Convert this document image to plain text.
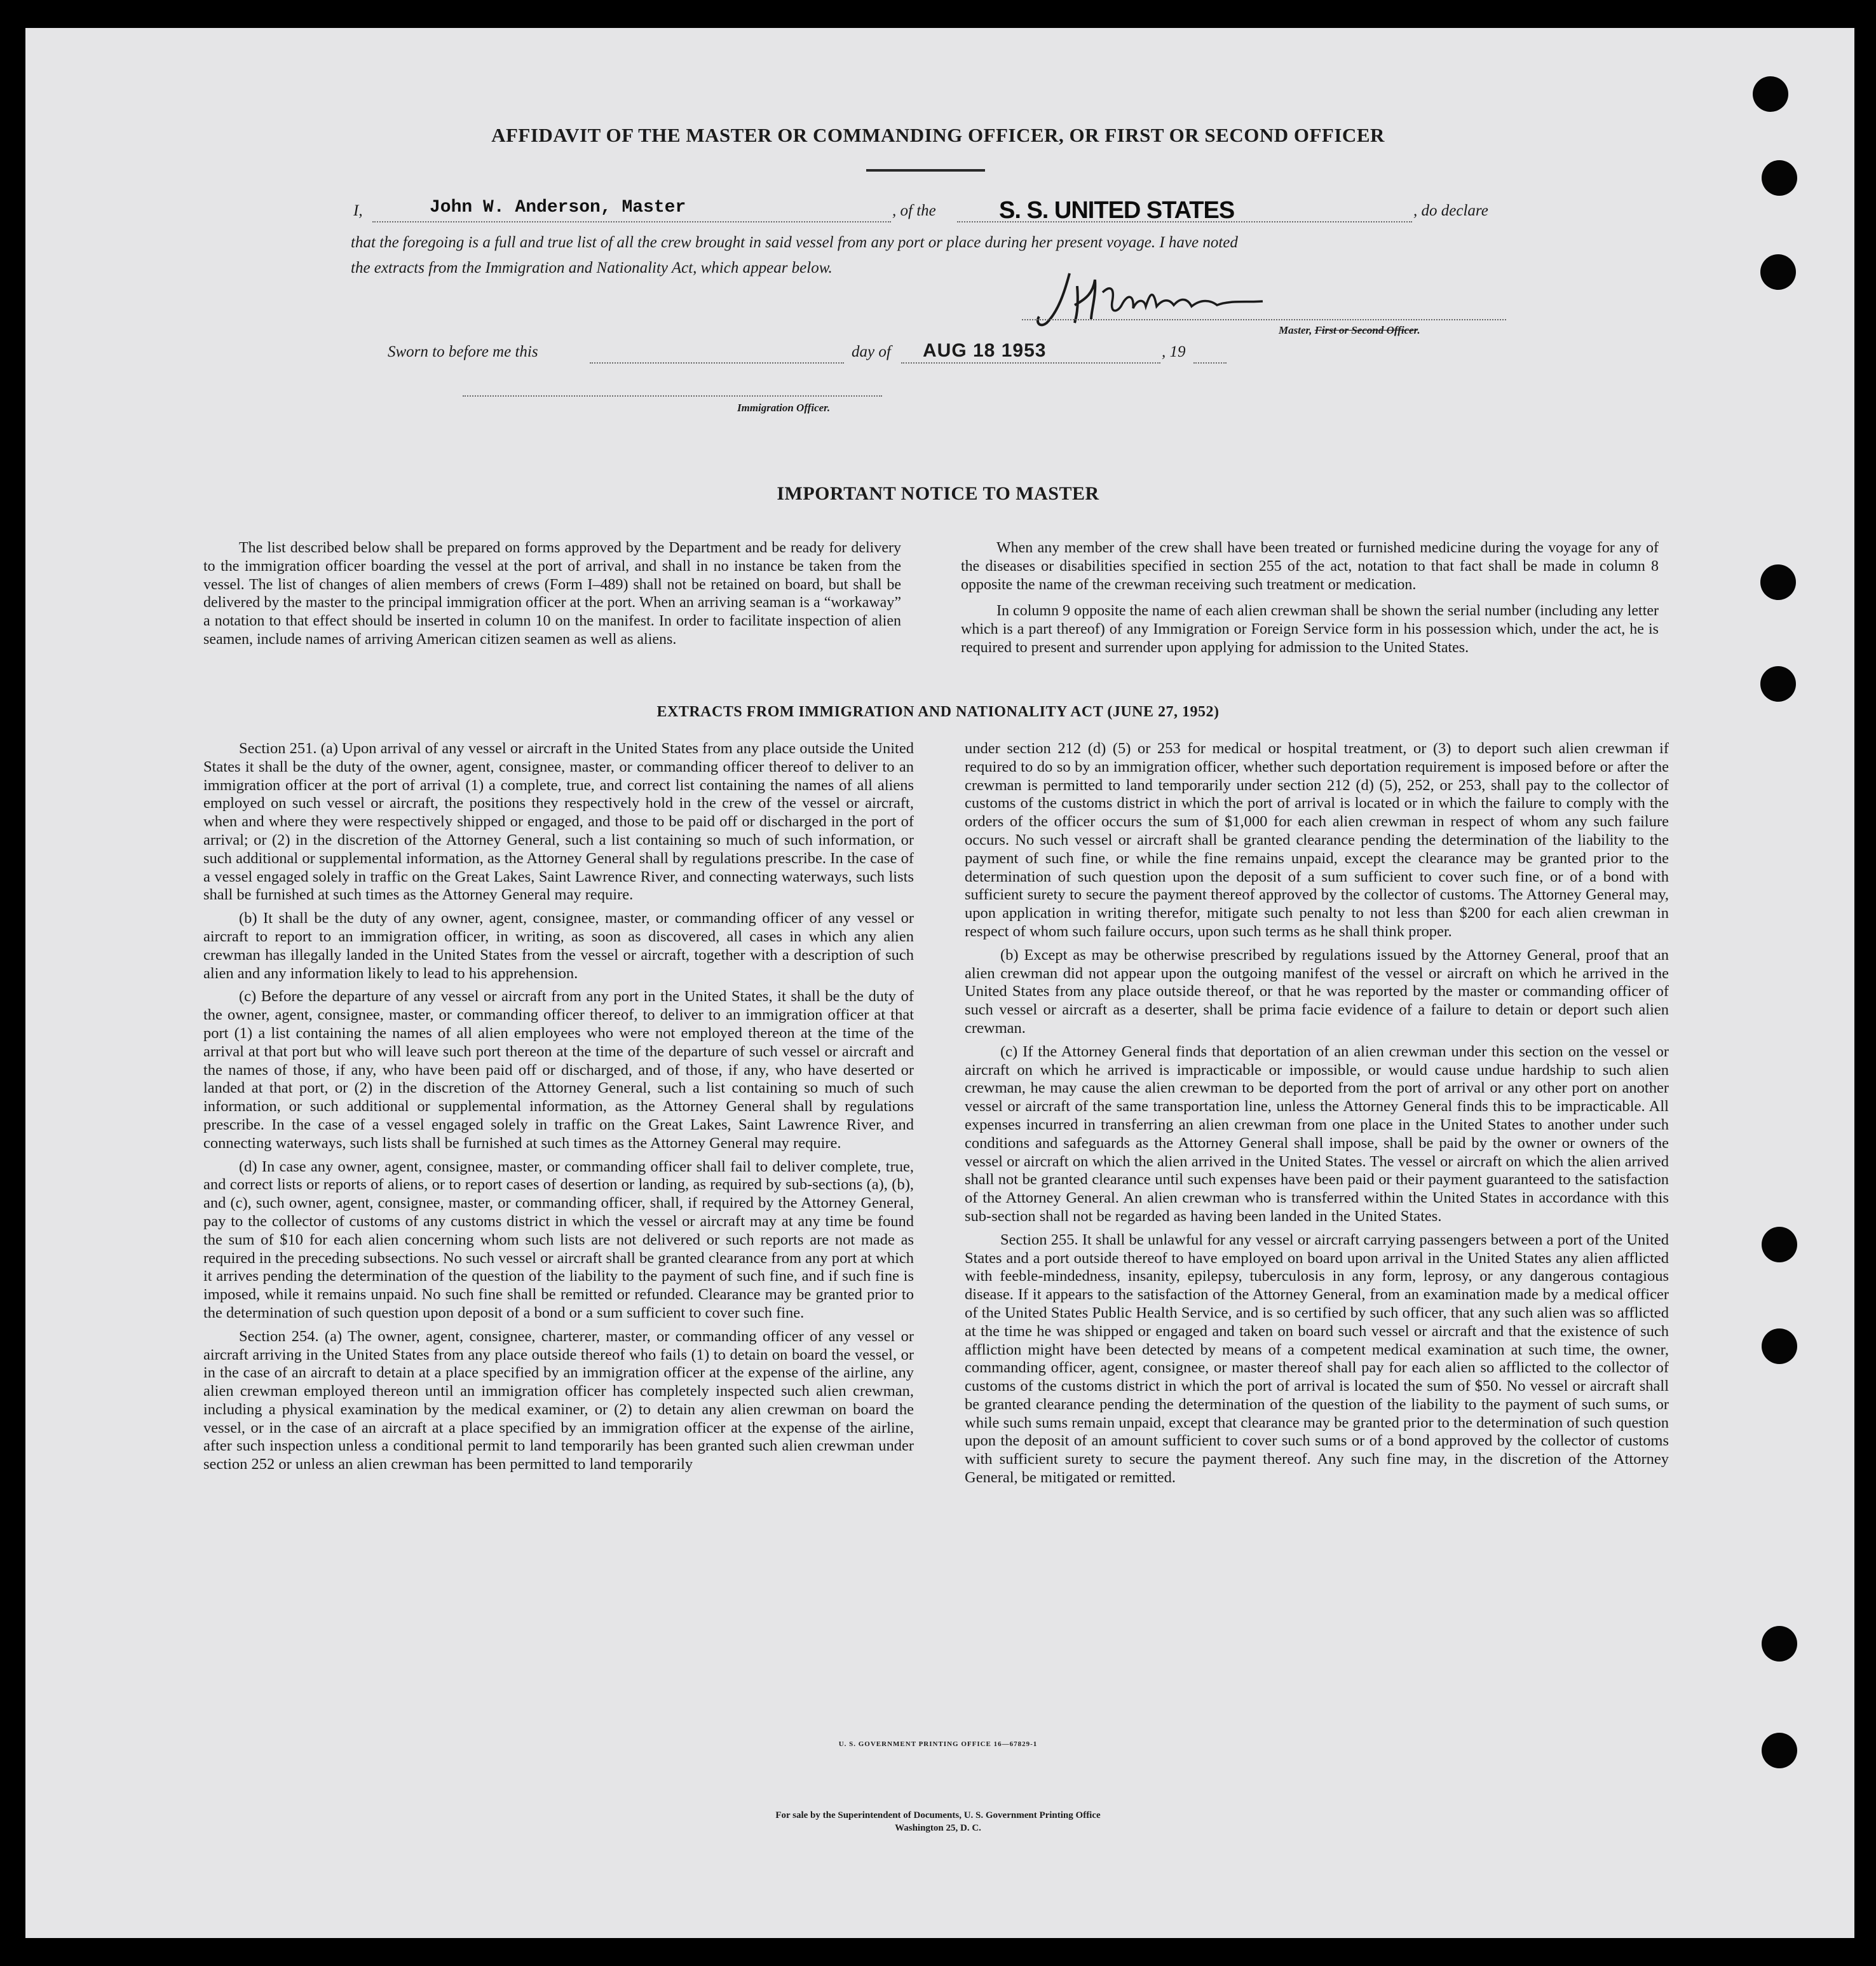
AFFIDAVIT OF THE MASTER OR COMMANDING OFFICER, OR FIRST OR SECOND OFFICER
I,	John W. Anderson, Master	, of the	S. S. UNITED STATES	, do declare
that the foregoing is a full and true list of all the crew brought in said vessel from any port or place during her present voyage. I have noted
the extracts from the Immigration and Nationality Act, which appear below.
Master, First or Second Officer.
Sworn to before me this	day of AUG 18 1953	, 19
Immigration Officer.
IMPORTANT NOTICE TO MASTER

The list described below shall be prepared on forms approved by the Department and be ready for delivery to the immigration officer boarding the vessel at the port of arrival, and shall in no instance be taken from the vessel. The list of changes of alien members of crews (Form I–489) shall not be retained on board, but shall be delivered by the master to the principal immigration officer at the port. When an arriving seaman is a “workaway” a notation to that effect should be inserted in column 10 on the manifest. In order to facilitate inspection of alien seamen, include names of arriving American citizen seamen as well as aliens.

When any member of the crew shall have been treated or furnished medicine during the voyage for any of the diseases or disabilities specified in section 255 of the act, notation to that fact shall be made in column 8 opposite the name of the crewman receiving such treatment or medication.

In column 9 opposite the name of each alien crewman shall be shown the serial number (including any letter which is a part thereof) of any Immigration or Foreign Service form in his possession which, under the act, he is required to present and surrender upon applying for admission to the United States.

EXTRACTS FROM IMMIGRATION AND NATIONALITY ACT (JUNE 27, 1952)

Section 251. (a) Upon arrival of any vessel or aircraft in the United States from any place outside the United States it shall be the duty of the owner, agent, consignee, master, or commanding officer thereof to deliver to an immigration officer at the port of arrival (1) a complete, true, and correct list containing the names of all aliens employed on such vessel or aircraft, the positions they respectively hold in the crew of the vessel or aircraft, when and where they were respectively shipped or engaged, and those to be paid off or discharged in the port of arrival; or (2) in the discretion of the Attorney General, such a list containing so much of such information, or such additional or supplemental information, as the Attorney General shall by regulations prescribe. In the case of a vessel engaged solely in traffic on the Great Lakes, Saint Lawrence River, and connecting waterways, such lists shall be furnished at such times as the Attorney General may require.

(b) It shall be the duty of any owner, agent, consignee, master, or commanding officer of any vessel or aircraft to report to an immigration officer, in writing, as soon as discovered, all cases in which any alien crewman has illegally landed in the United States from the vessel or aircraft, together with a description of such alien and any information likely to lead to his apprehension.

(c) Before the departure of any vessel or aircraft from any port in the United States, it shall be the duty of the owner, agent, consignee, master, or commanding officer thereof, to deliver to an immigration officer at that port (1) a list containing the names of all alien employees who were not employed thereon at the time of the arrival at that port but who will leave such port thereon at the time of the departure of such vessel or aircraft and the names of those, if any, who have been paid off or discharged, and of those, if any, who have deserted or landed at that port, or (2) in the discretion of the Attorney General, such a list containing so much of such information, or such additional or supplemental information, as the Attorney General shall by regulations prescribe. In the case of a vessel engaged solely in traffic on the Great Lakes, Saint Lawrence River, and connecting waterways, such lists shall be furnished at such times as the Attorney General may require.

(d) In case any owner, agent, consignee, master, or commanding officer shall fail to deliver complete, true, and correct lists or reports of aliens, or to report cases of desertion or landing, as required by sub-sections (a), (b), and (c), such owner, agent, consignee, master, or commanding officer, shall, if required by the Attorney General, pay to the collector of customs of any customs district in which the vessel or aircraft may at any time be found the sum of $10 for each alien concerning whom such lists are not delivered or such reports are not made as required in the preceding subsections. No such vessel or aircraft shall be granted clearance from any port at which it arrives pending the determination of the question of the liability to the payment of such fine, and if such fine is imposed, while it remains unpaid. No such fine shall be remitted or refunded. Clearance may be granted prior to the determination of such question upon deposit of a bond or a sum sufficient to cover such fine.

Section 254. (a) The owner, agent, consignee, charterer, master, or commanding officer of any vessel or aircraft arriving in the United States from any place outside thereof who fails (1) to detain on board the vessel, or in the case of an aircraft to detain at a place specified by an immigration officer at the expense of the airline, any alien crewman employed thereon until an immigration officer has completely inspected such alien crewman, including a physical examination by the medical examiner, or (2) to detain any alien crewman on board the vessel, or in the case of an aircraft at a place specified by an immigration officer at the expense of the airline, after such inspection unless a conditional permit to land temporarily has been granted such alien crewman under section 252 or unless an alien crewman has been permitted to land temporarily

under section 212 (d) (5) or 253 for medical or hospital treatment, or (3) to deport such alien crewman if required to do so by an immigration officer, whether such deportation requirement is imposed before or after the crewman is permitted to land temporarily under section 212 (d) (5), 252, or 253, shall pay to the collector of customs of the customs district in which the port of arrival is located or in which the failure to comply with the orders of the officer occurs the sum of $1,000 for each alien crewman in respect of whom any such failure occurs. No such vessel or aircraft shall be granted clearance pending the determination of the liability to the payment of such fine, or while the fine remains unpaid, except the clearance may be granted prior to the determination of such question upon the deposit of a sum sufficient to cover such fine, or of a bond with sufficient surety to secure the payment thereof approved by the collector of customs. The Attorney General may, upon application in writing therefor, mitigate such penalty to not less than $200 for each alien crewman in respect of whom such failure occurs, upon such terms as he shall think proper.

(b) Except as may be otherwise prescribed by regulations issued by the Attorney General, proof that an alien crewman did not appear upon the outgoing manifest of the vessel or aircraft on which he arrived in the United States from any place outside thereof, or that he was reported by the master or commanding officer of such vessel or aircraft as a deserter, shall be prima facie evidence of a failure to detain or deport such alien crewman.

(c) If the Attorney General finds that deportation of an alien crewman under this section on the vessel or aircraft on which he arrived is impracticable or impossible, or would cause undue hardship to such alien crewman, he may cause the alien crewman to be deported from the port of arrival or any other port on another vessel or aircraft of the same transportation line, unless the Attorney General finds this to be impracticable. All expenses incurred in transferring an alien crewman from one place in the United States to another under such conditions and safeguards as the Attorney General shall impose, shall be paid by the owner or owners of the vessel or aircraft on which the alien arrived in the United States. The vessel or aircraft on which the alien arrived shall not be granted clearance until such expenses have been paid or their payment guaranteed to the satisfaction of the Attorney General. An alien crewman who is transferred within the United States in accordance with this sub-section shall not be regarded as having been landed in the United States.

Section 255. It shall be unlawful for any vessel or aircraft carrying passengers between a port of the United States and a port outside thereof to have employed on board upon arrival in the United States any alien afflicted with feeble-mindedness, insanity, epilepsy, tuberculosis in any form, leprosy, or any dangerous contagious disease. If it appears to the satisfaction of the Attorney General, from an examination made by a medical officer of the United States Public Health Service, and is so certified by such officer, that any such alien was so afflicted at the time he was shipped or engaged and taken on board such vessel or aircraft and that the existence of such affliction might have been detected by means of a competent medical examination at such time, the owner, commanding officer, agent, consignee, or master thereof shall pay for each alien so afflicted to the collector of customs of the customs district in which the port of arrival is located the sum of $50. No vessel or aircraft shall be granted clearance pending the determination of the question of the liability to the payment of such sums, or while such sums remain unpaid, except that clearance may be granted prior to the determination of such question upon the deposit of an amount sufficient to cover such sums or of a bond approved by the collector of customs with sufficient surety to secure the payment thereof. Any such fine may, in the discretion of the Attorney General, be mitigated or remitted.

U. S. GOVERNMENT PRINTING OFFICE 16—67829-1
For sale by the Superintendent of Documents, U. S. Government Printing Office
Washington 25, D. C.
